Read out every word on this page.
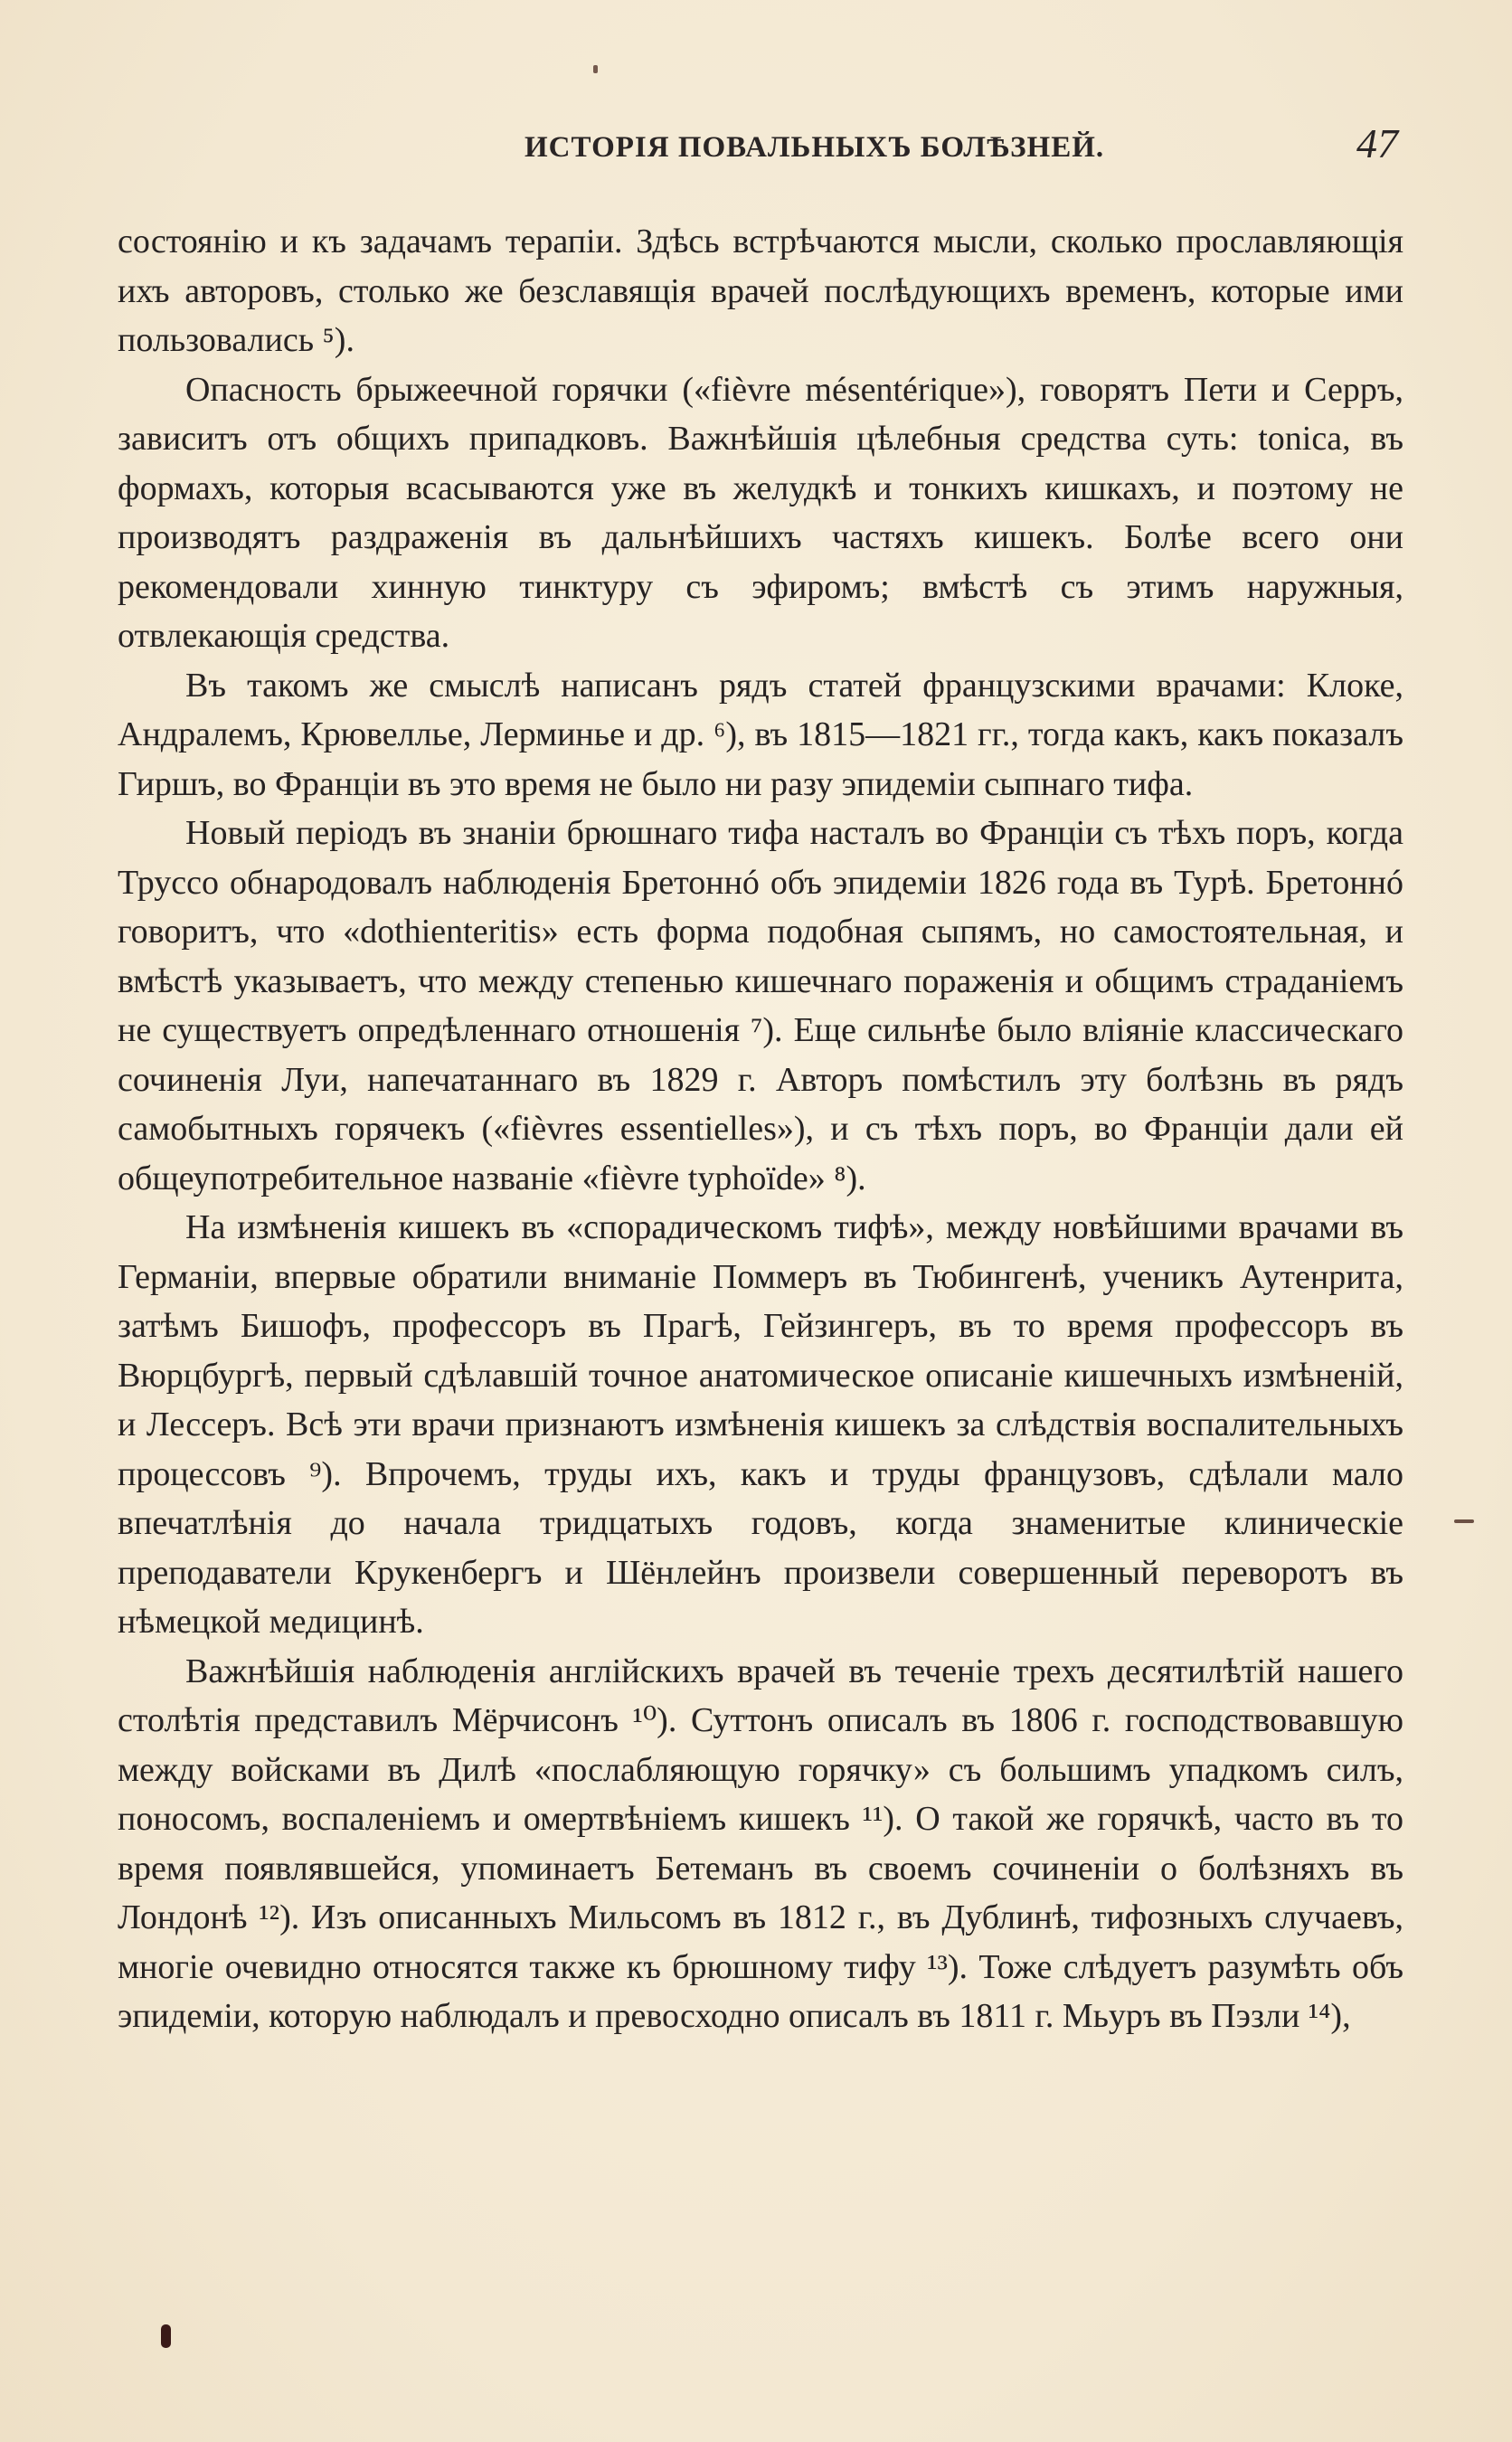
ИСТОРІЯ ПОВАЛЬНЫХЪ БОЛѢЗНЕЙ.	47

состоянію и къ задачамъ терапіи. Здѣсь встрѣчаются мысли, сколько прославляющія ихъ авторовъ, столько же безславящія врачей послѣдующихъ временъ, которые ими пользовались ⁵).

Опасность брыжеечной горячки («fièvre mésentérique»), говорятъ Пети и Серръ, зависитъ отъ общихъ припадковъ. Важнѣйшія цѣлебныя средства суть: tonica, въ формахъ, которыя всасываются уже въ желудкѣ и тонкихъ кишкахъ, и поэтому не производятъ раздраженія въ дальнѣйшихъ частяхъ кишекъ. Болѣе всего они рекомендовали хинную тинктуру съ эфиромъ; вмѣстѣ съ этимъ наружныя, отвлекающія средства.

Въ такомъ же смыслѣ написанъ рядъ статей французскими врачами: Клоке, Андралемъ, Крювеллье, Лерминье и др. ⁶), въ 1815—1821 гг., тогда какъ, какъ показалъ Гиршъ, во Франціи въ это время не было ни разу эпидеміи сыпнаго тифа.

Новый періодъ въ знаніи брюшнаго тифа насталъ во Франціи съ тѣхъ поръ, когда Труссо обнародовалъ наблюденія Бретоннó объ эпидеміи 1826 года въ Турѣ. Бретоннó говоритъ, что «dothienteritis» есть форма подобная сыпямъ, но самостоятельная, и вмѣстѣ указываетъ, что между степенью кишечнаго пораженія и общимъ страданіемъ не существуетъ опредѣленнаго отношенія ⁷). Еще сильнѣе было вліяніе классическаго сочиненія Луи, напечатаннаго въ 1829 г. Авторъ помѣстилъ эту болѣзнь въ рядъ самобытныхъ горячекъ («fièvres essentielles»), и съ тѣхъ поръ, во Франціи дали ей общеупотребительное названіе «fièvre typhoïde» ⁸).

На измѣненія кишекъ въ «спорадическомъ тифѣ», между новѣйшими врачами въ Германіи, впервые обратили вниманіе Поммеръ въ Тюбингенѣ, ученикъ Аутенрита, затѣмъ Бишофъ, профессоръ въ Прагѣ, Гейзингеръ, въ то время профессоръ въ Вюрцбургѣ, первый сдѣлавшій точное анатомическое описаніе кишечныхъ измѣненій, и Лессеръ. Всѣ эти врачи признаютъ измѣненія кишекъ за слѣдствія воспалительныхъ процессовъ ⁹). Впрочемъ, труды ихъ, какъ и труды французовъ, сдѣлали мало впечатлѣнія до начала тридцатыхъ годовъ, когда знаменитые клиническіе преподаватели Крукенбергъ и Шёнлейнъ произвели совершенный переворотъ въ нѣмецкой медицинѣ.

Важнѣйшія наблюденія англійскихъ врачей въ теченіе трехъ десятилѣтій нашего столѣтія представилъ Мёрчисонъ ¹⁰). Суттонъ описалъ въ 1806 г. господствовавшую между войсками въ Дилѣ «послабляющую горячку» съ большимъ упадкомъ силъ, поносомъ, воспаленіемъ и омертвѣніемъ кишекъ ¹¹). О такой же горячкѣ, часто въ то время появлявшейся, упоминаетъ Бетеманъ въ своемъ сочиненіи о болѣзняхъ въ Лондонѣ ¹²). Изъ описанныхъ Мильсомъ въ 1812 г., въ Дублинѣ, тифозныхъ случаевъ, многіе очевидно относятся также къ брюшному тифу ¹³). Тоже слѣдуетъ разумѣть объ эпидеміи, которую наблюдалъ и превосходно описалъ въ 1811 г. Мьуръ въ Пэзли ¹⁴),
